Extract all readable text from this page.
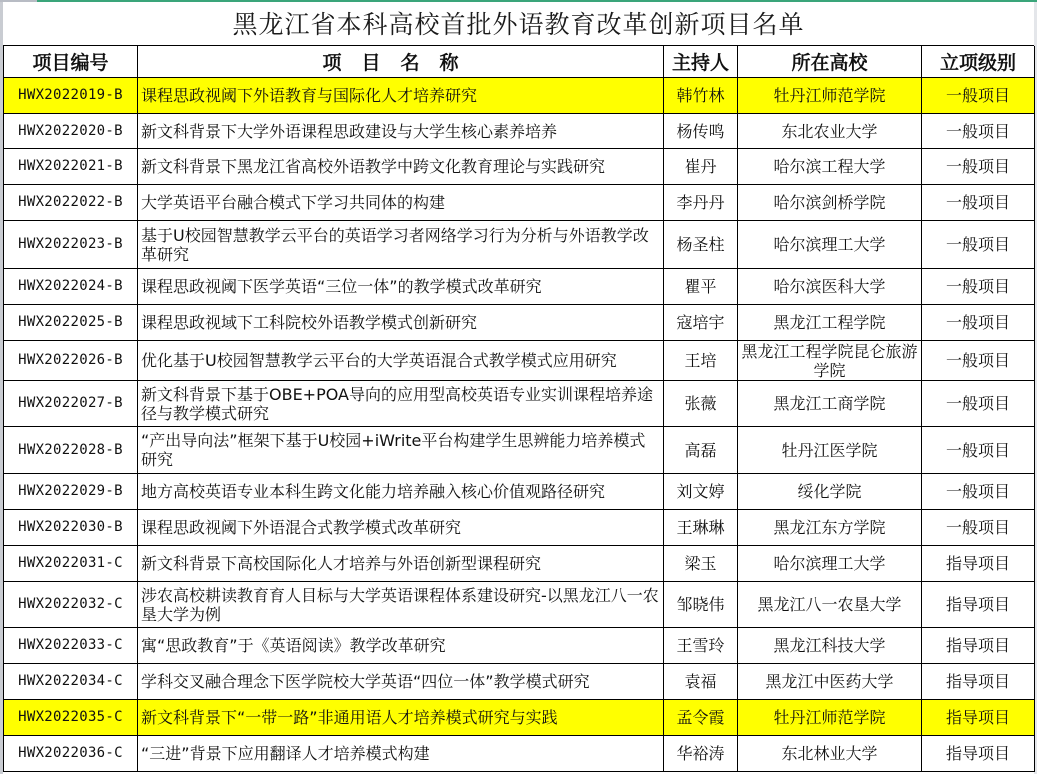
黑龙江省本科高校首批外语教育改革创新项目名单
项目编号	项目名称	主持人	所在高校	立项级别
HWX2022019-B	课程思政视阈下外语教育与国际化人才培养研究	韩竹林	牡丹江师范学院	一般项目
HWX2022020-B	新文科背景下大学外语课程思政建设与大学生核心素养培养	杨传鸣	东北农业大学	一般项目
HWX2022021-B	新文科背景下黑龙江省高校外语教学中跨文化教育理论与实践研究	崔丹	哈尔滨工程大学	一般项目
HWX2022022-B	大学英语平台融合模式下学习共同体的构建	李丹丹	哈尔滨剑桥学院	一般项目
HWX2022023-B	基于U校园智慧教学云平台的英语学习者网络学习行为分析与外语教学改革研究	杨圣柱	哈尔滨理工大学	一般项目
HWX2022024-B	课程思政视阈下医学英语“三位一体”的教学模式改革研究	瞿平	哈尔滨医科大学	一般项目
HWX2022025-B	课程思政视域下工科院校外语教学模式创新研究	寇培宇	黑龙江工程学院	一般项目
HWX2022026-B	优化基于U校园智慧教学云平台的大学英语混合式教学模式应用研究	王培	黑龙江工程学院昆仑旅游学院	一般项目
HWX2022027-B	新文科背景下基于OBE+POA导向的应用型高校英语专业实训课程培养途径与教学模式研究	张薇	黑龙江工商学院	一般项目
HWX2022028-B	“产出导向法”框架下基于U校园+iWrite平台构建学生思辨能力培养模式研究	高磊	牡丹江医学院	一般项目
HWX2022029-B	地方高校英语专业本科生跨文化能力培养融入核心价值观路径研究	刘文婷	绥化学院	一般项目
HWX2022030-B	课程思政视阈下外语混合式教学模式改革研究	王琳琳	黑龙江东方学院	一般项目
HWX2022031-C	新文科背景下高校国际化人才培养与外语创新型课程研究	梁玉	哈尔滨理工大学	指导项目
HWX2022032-C	涉农高校耕读教育育人目标与大学英语课程体系建设研究-以黑龙江八一农垦大学为例	邹晓伟	黑龙江八一农垦大学	指导项目
HWX2022033-C	寓“思政教育”于《英语阅读》教学改革研究	王雪玲	黑龙江科技大学	指导项目
HWX2022034-C	学科交叉融合理念下医学院校大学英语“四位一体”教学模式研究	袁福	黑龙江中医药大学	指导项目
HWX2022035-C	新文科背景下“一带一路”非通用语人才培养模式研究与实践	孟令霞	牡丹江师范学院	指导项目
HWX2022036-C	“三进”背景下应用翻译人才培养模式构建	华裕涛	东北林业大学	指导项目
